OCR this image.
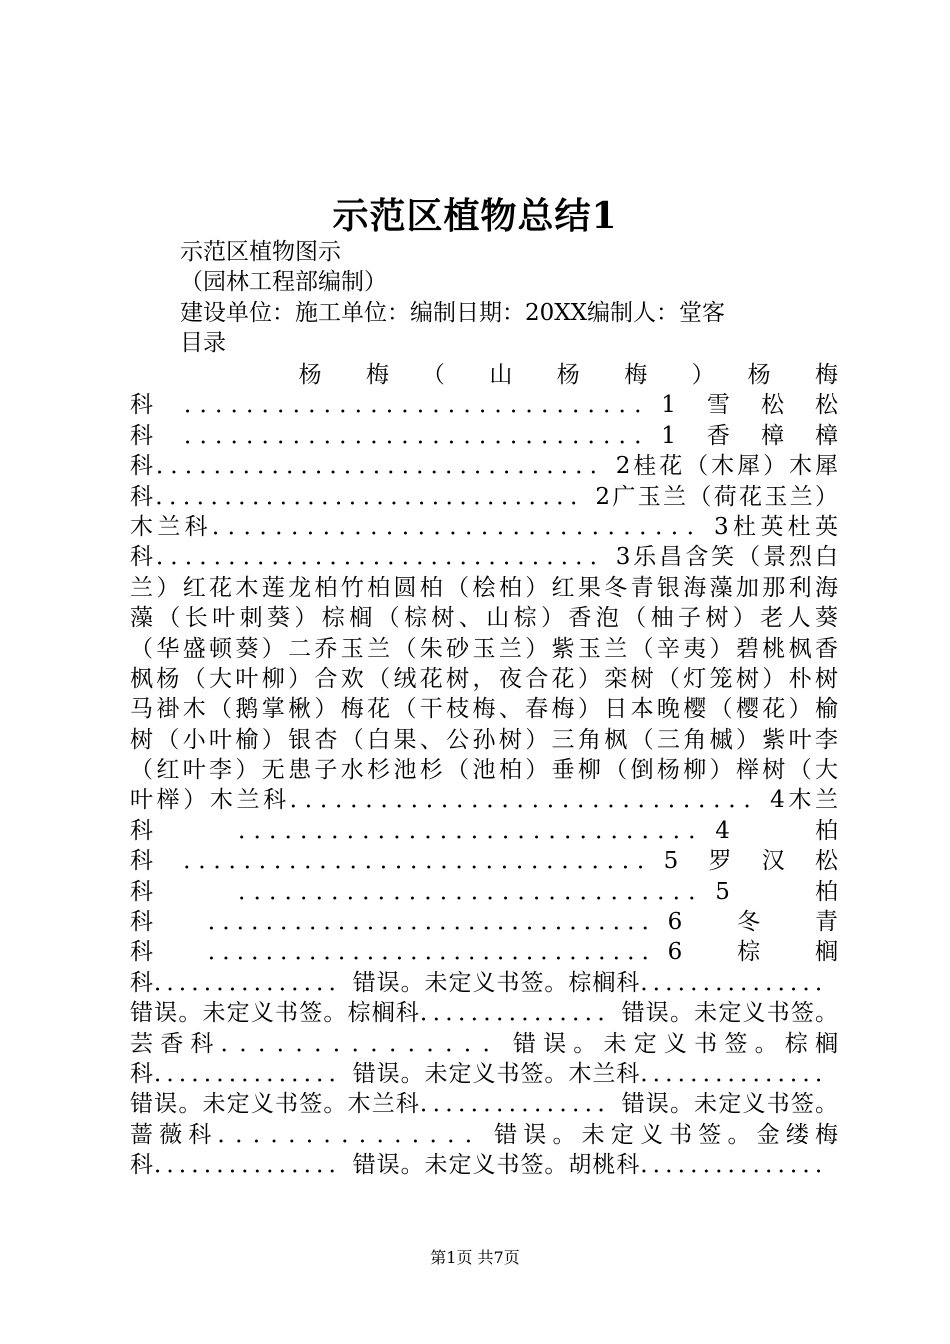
示范区植物总结1
示范区植物图示
（园林工程部编制）
建设单位：施工单位：编制日期：20XX编制人：堂客
目录
　　　　　杨　梅　（　山　杨　梅　）　杨　梅
科　．．．．．．．．．．．．．．．．．．．．．．．．．．．．．．1　雪　松　松
科　．．．．．．．．．．．．．．．．．．．．．．．．．．．．．．1　香　樟　樟
科．．．．．．．．．．．．．．．．．．．．．．．．．．．．．．．2桂花（木犀）木犀
科．．．．．．．．．．．．．．．．．．．．．．．．．．．．．．．2广玉兰（荷花玉兰）
木兰科．．．．．．．．．．．．．．．．．．．．．．．．．．．．．．．3杜英杜英
科．．．．．．．．．．．．．．．．．．．．．．．．．．．．．．．3乐昌含笑（景烈白
兰）红花木莲龙柏竹柏圆柏（桧柏）红果冬青银海藻加那利海
藻（长叶刺葵）棕榈（棕树、山棕）香泡（柚子树）老人葵
（华盛顿葵）二乔玉兰（朱砂玉兰）紫玉兰（辛夷）碧桃枫香
枫杨（大叶柳）合欢（绒花树，夜合花）栾树（灯笼树）朴树
马褂木（鹅掌楸）梅花（干枝梅、春梅）日本晚樱（樱花）榆
树（小叶榆）银杏（白果、公孙树）三角枫（三角槭）紫叶李
（红叶李）无患子水杉池杉（池柏）垂柳（倒杨柳）榉树（大
叶榉）木兰科．．．．．．．．．．．．．．．．．．．．．．．．．．．．．．．4木兰
科　　　．．．．．．．．．．．．．．．．．．．．．．．．．．．．．．4　　　柏
科　．．．．．．．．．．．．．．．．．．．．．．．．．．．．．．．5　罗　汉　松
科　　　．．．．．．．．．．．．．．．．．．．．．．．．．．．．．．5　　　柏
科　　．．．．．．．．．．．．．．．．．．．．．．．．．．．．．．．6　　冬　　青
科　　．．．．．．．．．．．．．．．．．．．．．．．．．．．．．．．6　　棕　　榈
科．．．．．．．．．．．．．．．错误。未定义书签。棕榈科．．．．．．．．．．．．．．．
错误。未定义书签。棕榈科．．．．．．．．．．．．．．．错误。未定义书签。
芸香科．．．．．．．．．．．．．．．错误。未定义书签。棕榈
科．．．．．．．．．．．．．．．错误。未定义书签。木兰科．．．．．．．．．．．．．．．
错误。未定义书签。木兰科．．．．．．．．．．．．．．．错误。未定义书签。
蔷薇科．．．．．．．．．．．．．．．错误。未定义书签。金缕梅
科．．．．．．．．．．．．．．．错误。未定义书签。胡桃科．．．．．．．．．．．．．．．
第1页 共7页
